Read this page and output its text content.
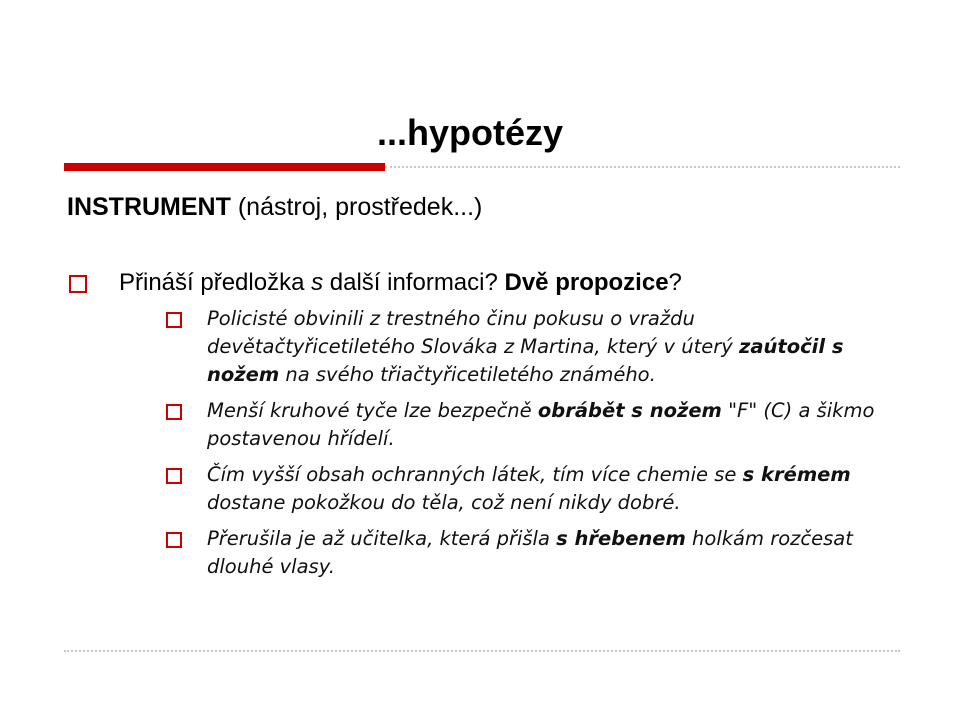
...hypotézy
INSTRUMENT (nástroj, prostředek...)
Přináší předložka s další informaci? Dvě propozice?
Policisté obvinili z trestného činu pokusu o vraždu devětačtyřicetiletého Slováka z Martina, který v úterý zaútočil s nožem na svého třiačtyřicetiletého známého.
Menší kruhové tyče lze bezpečně obrábět s nožem "F" (C) a šikmo postavenou hřídelí.
Čím vyšší obsah ochranných látek, tím více chemie se s krémem dostane pokožkou do těla, což není nikdy dobré.
Přerušila je až učitelka, která přišla s hřebenem holkám rozčesat dlouhé vlasy.
